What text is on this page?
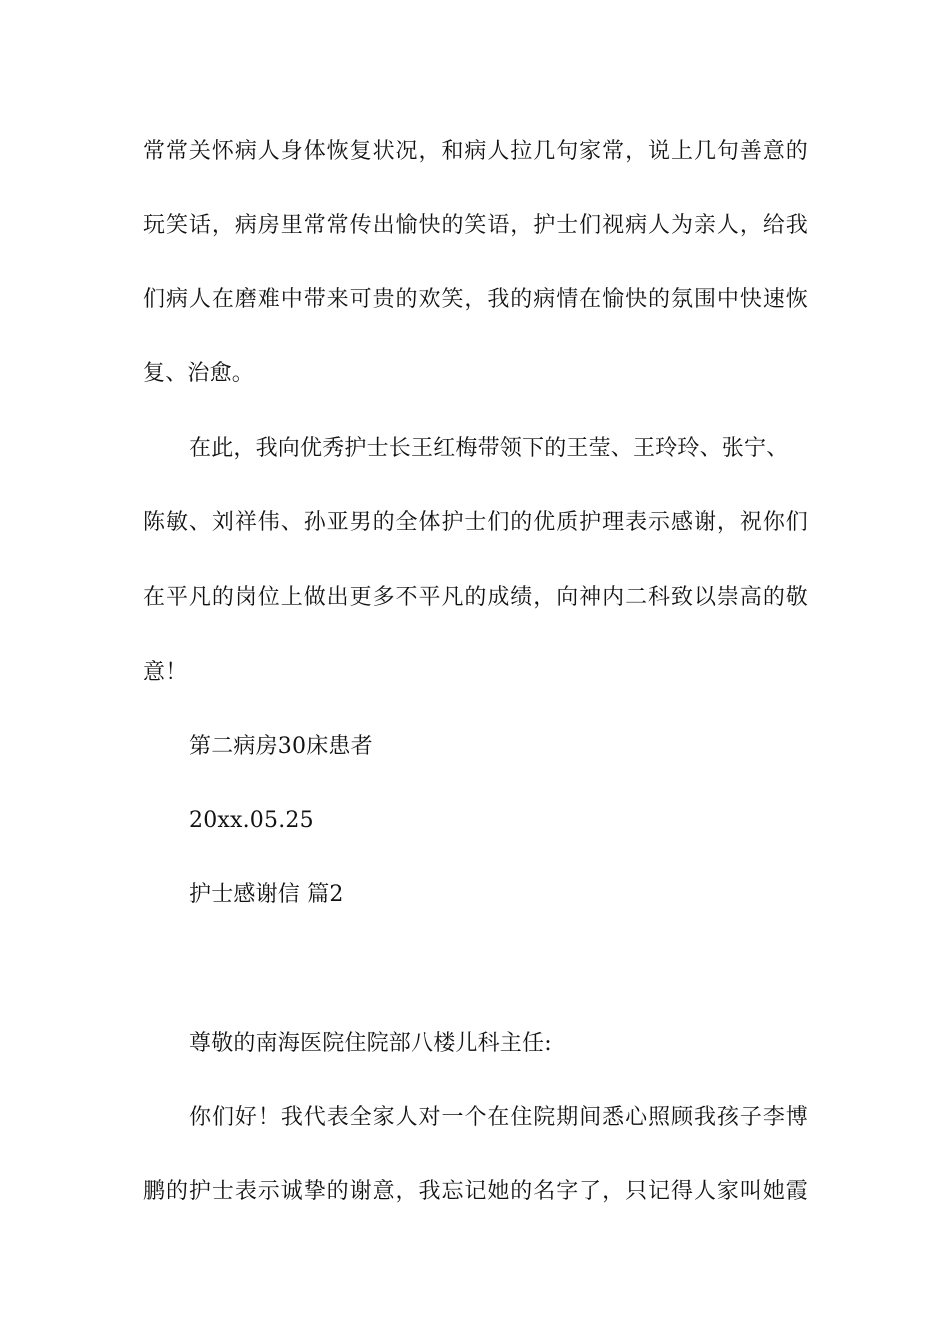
常常关怀病人身体恢复状况，和病人拉几句家常，说上几句善意的
玩笑话，病房里常常传出愉快的笑语，护士们视病人为亲人，给我
们病人在磨难中带来可贵的欢笑，我的病情在愉快的氛围中快速恢
复、治愈。
在此，我向优秀护士长王红梅带领下的王莹、王玲玲、张宁、
陈敏、刘祥伟、孙亚男的全体护士们的优质护理表示感谢，祝你们
在平凡的岗位上做出更多不平凡的成绩，向神内二科致以崇高的敬
意！
第二病房30床患者
20xx.05.25
护士感谢信 篇2
尊敬的南海医院住院部八楼儿科主任:
你们好！我代表全家人对一个在住院期间悉心照顾我孩子李博
鹏的护士表示诚挚的谢意，我忘记她的名字了，只记得人家叫她霞
